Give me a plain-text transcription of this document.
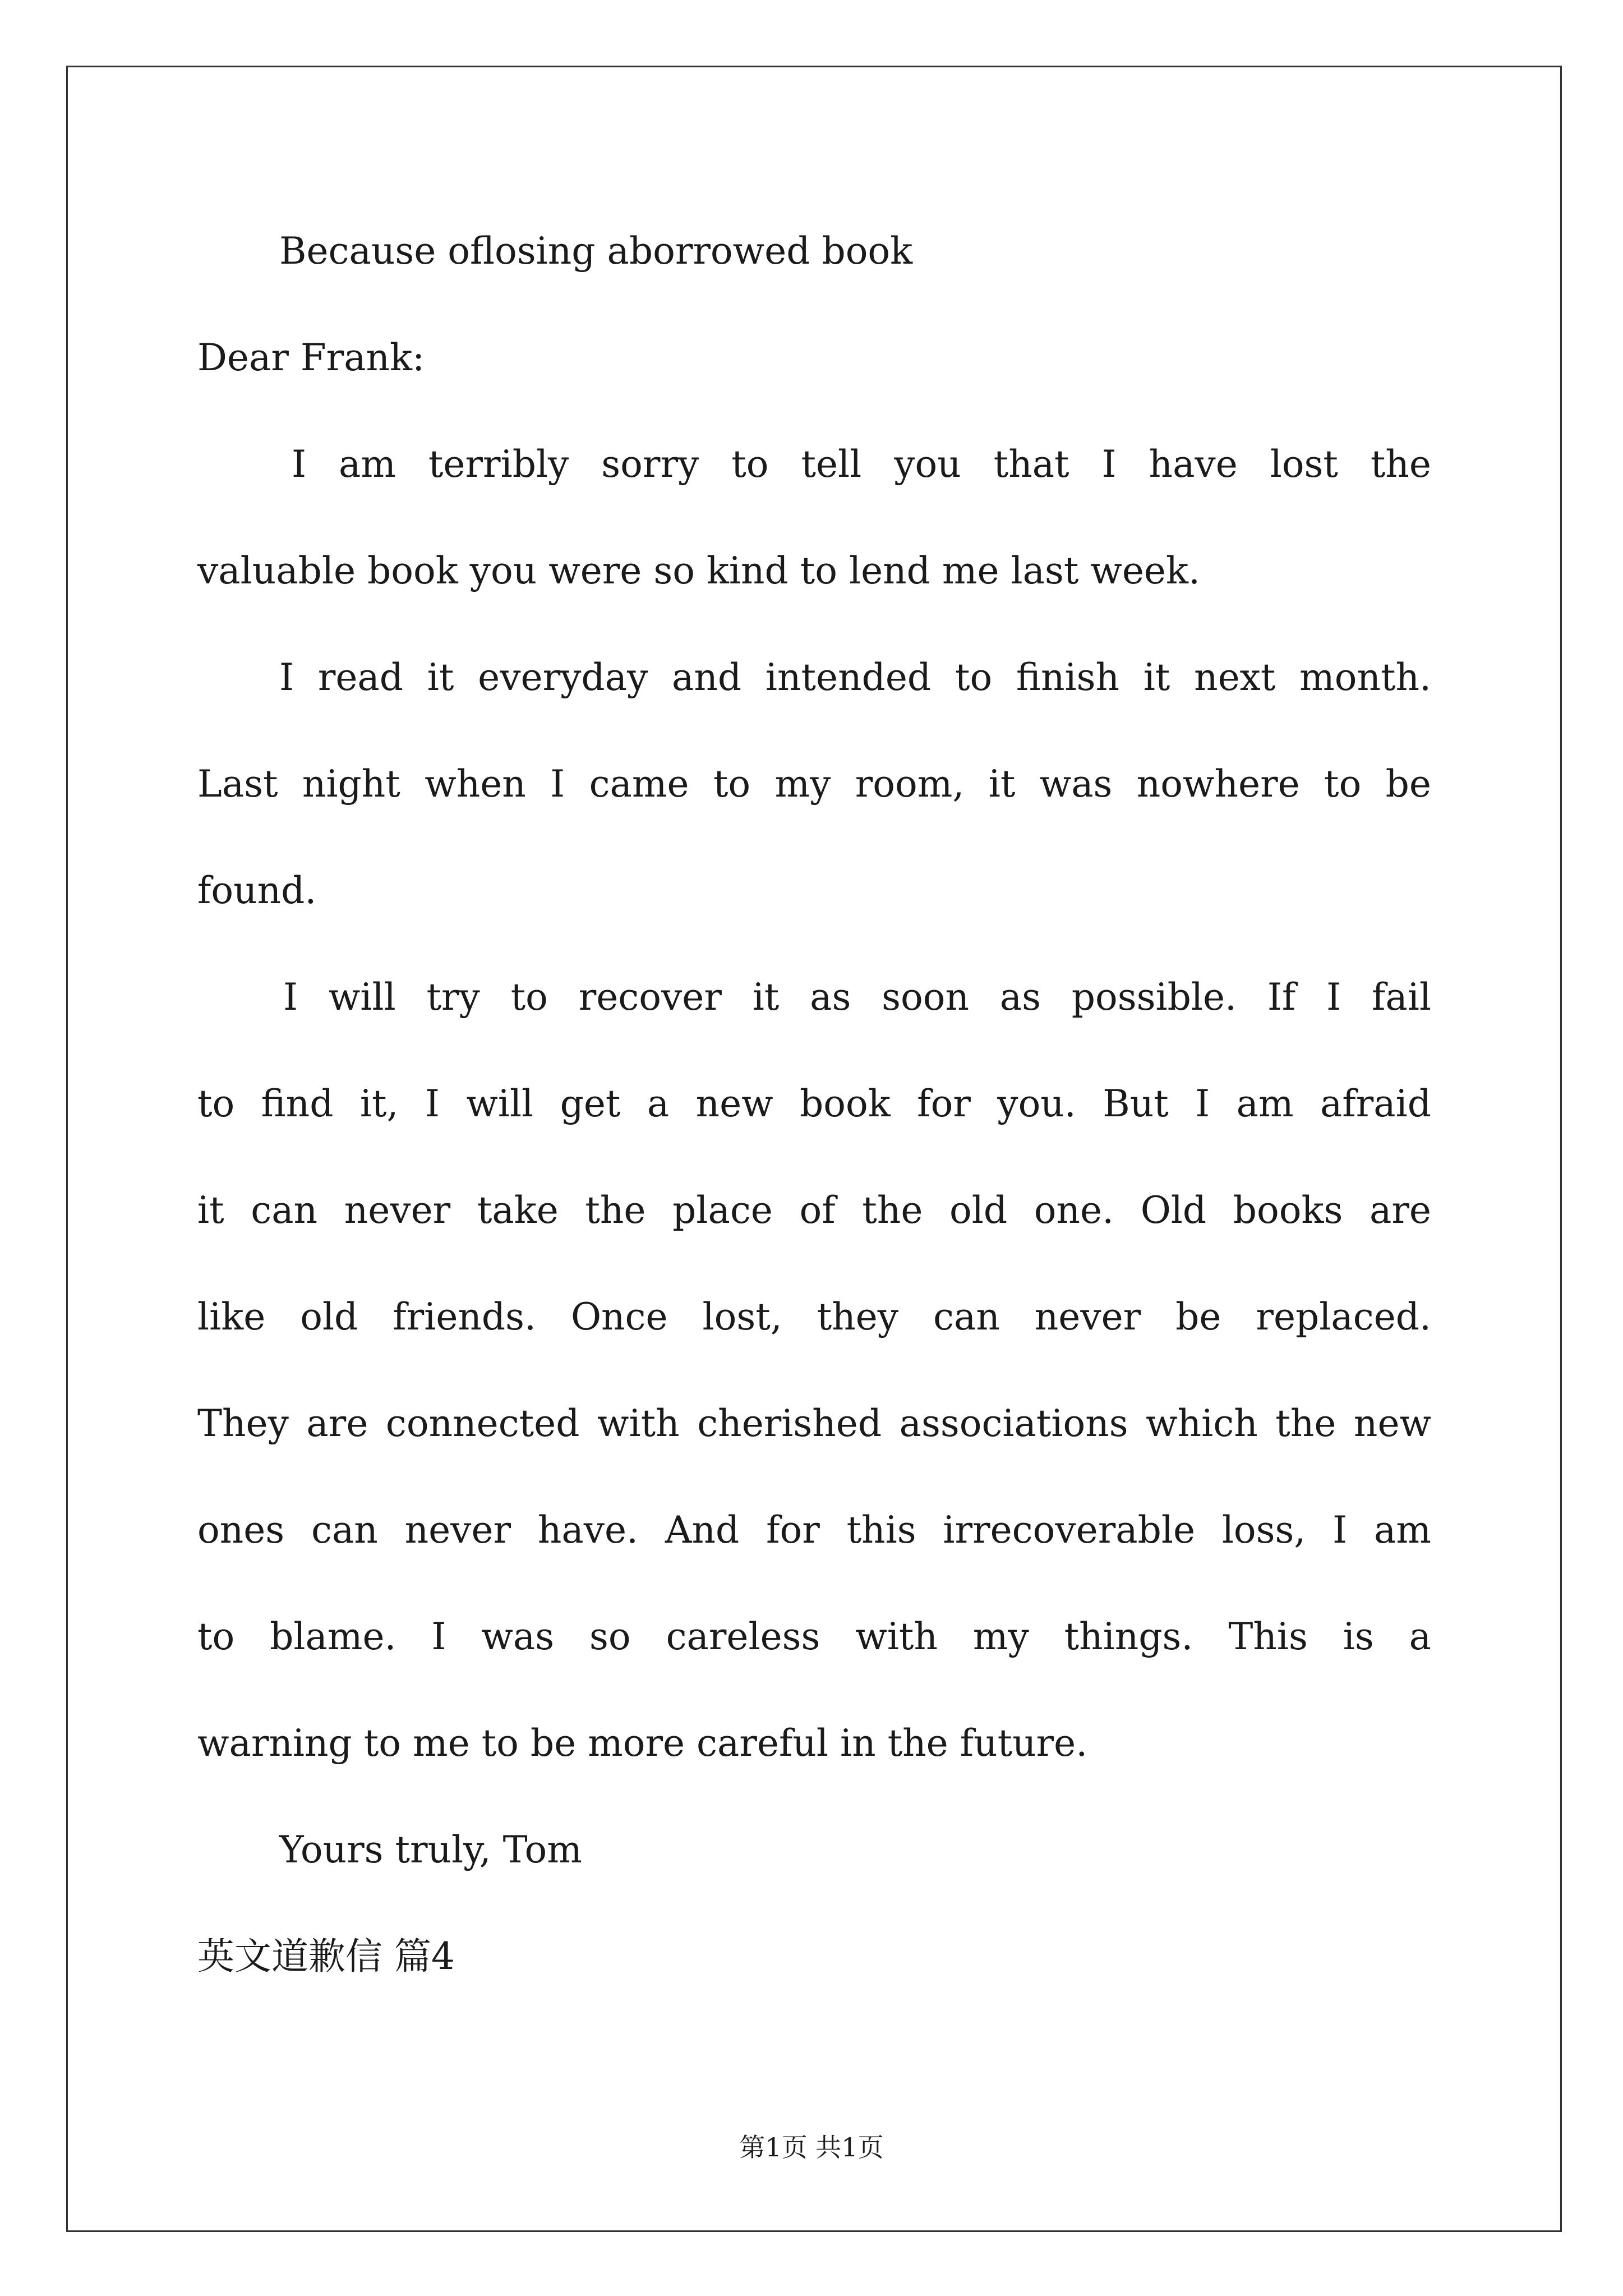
Because oflosing aborrowed book
Dear Frank:
I am terribly sorry to tell you that I have lost the
valuable book you were so kind to lend me last week.
I read it everyday and intended to finish it next month.
Last night when I came to my room, it was nowhere to be
found.
I will try to recover it as soon as possible. If I fail
to find it, I will get a new book for you. But I am afraid
it can never take the place of the old one. Old books are
like old friends. Once lost, they can never be replaced.
They are connected with cherished associations which the new
ones can never have. And for this irrecoverable loss, I am
to blame. I was so careless with my things. This is a
warning to me to be more careful in the future.
Yours truly, Tom
英文道歉信 篇4
第1页 共1页
